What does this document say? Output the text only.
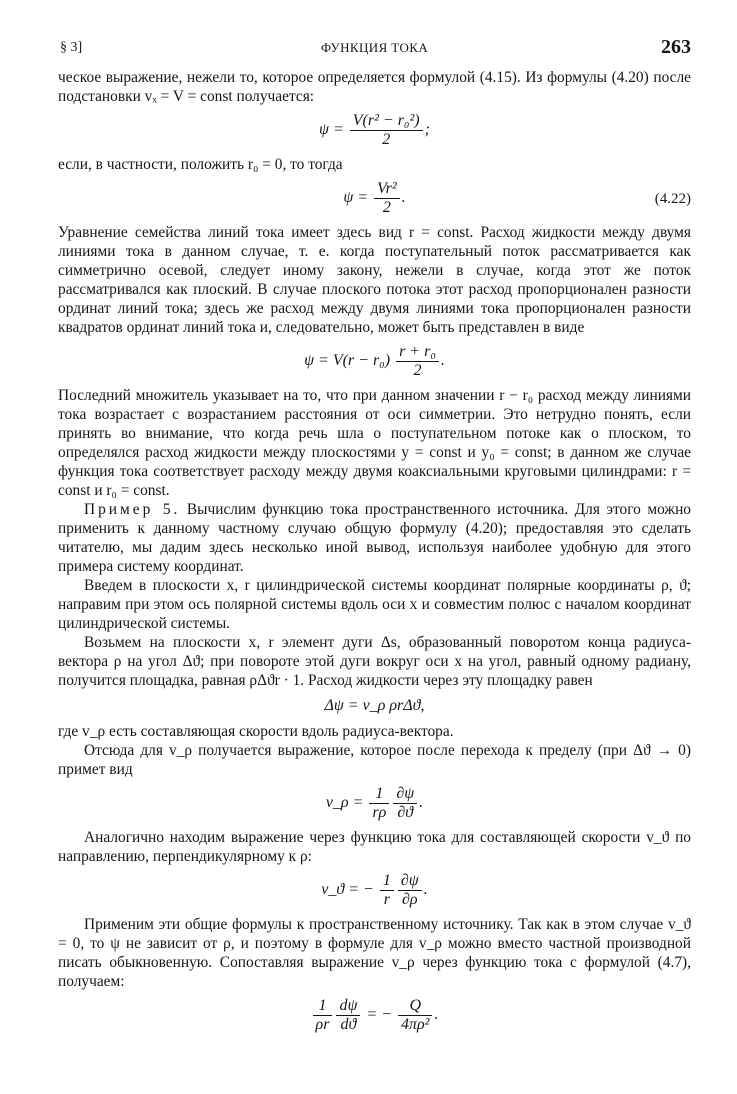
§ 3]	ФУНКЦИЯ ТОКА	263

ческое выражение, нежели то, которое определяется формулой (4.15). Из формулы (4.20) после подстановки vₓ = V = const получается:

$\psi = \frac{\text{V(r² − r₀²)}}{2}$ ;

если, в частности, положить r₀ = 0, то тогда

$\psi = \frac{\text{Vr²}}{2}$ .	(4.22)

Уравнение семейства линий тока имеет здесь вид r = const. Расход жидкости между двумя линиями тока в данном случае, т. е. когда поступательный поток рассматривается как симметрично осевой, следует иному закону, нежели в случае, когда этот же поток рассматривался как плоский. В случае плоского потока этот расход пропорционален разности ординат линий тока; здесь же расход между двумя линиями тока пропорционален разности квадратов ординат линий тока и, следовательно, может быть представлен в виде

$\psi = V(r - r_0) \frac{\text{r + r₀}}{2}$ .

Последний множитель указывает на то, что при данном значении r − r₀ расход между линиями тока возрастает с возрастанием расстояния от оси симметрии. Это нетрудно понять, если принять во внимание, что когда речь шла о поступательном потоке как о плоском, то определялся расход жидкости между плоскостями y = const и y₀ = const; в данном же случае функция тока соответствует расходу между двумя коаксиальными круговыми цилиндрами: r = const и r₀ = const.

Пример 5. Вычислим функцию тока пространственного источника. Для этого можно применить к данному частному случаю общую формулу (4.20); предоставляя это сделать читателю, мы дадим здесь несколько иной вывод, используя наиболее удобную для этого примера систему координат.

Введем в плоскости x, r цилиндрической системы координат полярные координаты ρ, ϑ; направим при этом ось полярной системы вдоль оси x и совместим полюс с началом координат цилиндрической системы.

Возьмем на плоскости x, r элемент дуги Δs, образованный поворотом конца радиуса-вектора ρ на угол Δϑ; при повороте этой дуги вокруг оси x на угол, равный одному радиану, получится площадка, равная ρΔϑr · 1. Расход жидкости через эту площадку равен

Δψ = v_ρ ρrΔϑ,

где v_ρ есть составляющая скорости вдоль радиуса-вектора.

Отсюда для v_ρ получается выражение, которое после перехода к пределу (при Δϑ → 0) примет вид

v_ρ = $\frac{1}{r\rho} \frac{\partial\psi}{\partial ϑ}$ .

Аналогично находим выражение через функцию тока для составляющей скорости v_ϑ по направлению, перпендикулярному к ρ:

v_ϑ = − $\frac{1}{r} \frac{\partial\psi}{\partial\rho}$ .

Применим эти общие формулы к пространственному источнику. Так как в этом случае v_ϑ = 0, то ψ не зависит от ρ, и поэтому в формуле для v_ρ можно вместо частной производной писать обыкновенную. Сопоставляя выражение v_ρ через функцию тока с формулой (4.7), получаем:

$\frac{1}{\rho r} \frac{d\psi}{dϑ}$ = − $\frac{Q}{\text{4πρ²}}$ .
